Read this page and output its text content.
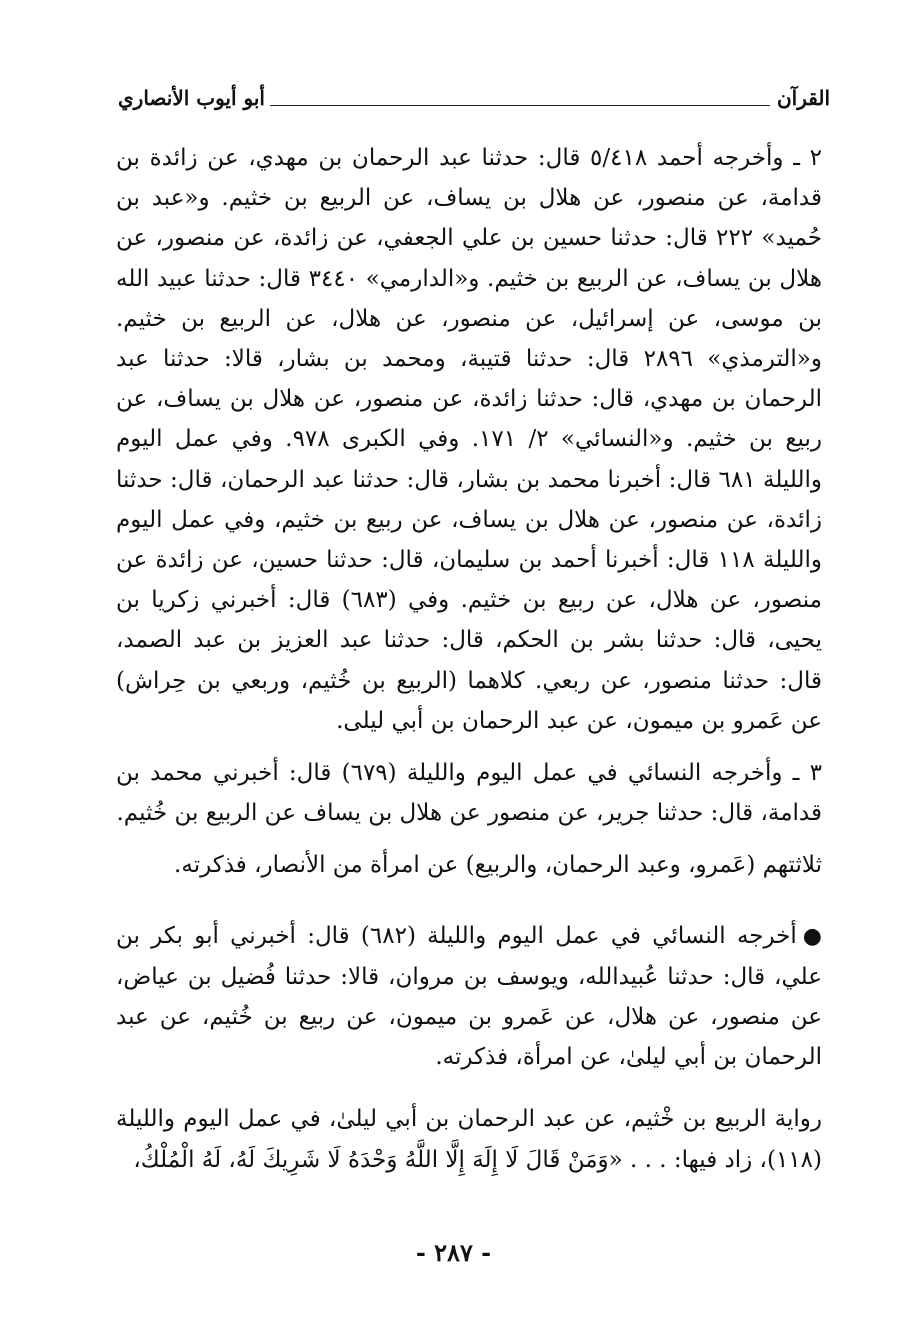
القرآن
أبو أيوب الأنصاري

٢ ـ وأخرجه أحمد ٥/٤١٨ قال: حدثنا عبد الرحمان بن مهدي، عن زائدة بن قدامة، عن منصور، عن هلال بن يساف، عن الربيع بن خثيم. و«عبد بن حُميد» ٢٢٢ قال: حدثنا حسين بن علي الجعفي، عن زائدة، عن منصور، عن هلال بن يساف، عن الربيع بن خثيم. و«الدارمي» ٣٤٤٠ قال: حدثنا عبيد الله بن موسى، عن إسرائيل، عن منصور، عن هلال، عن الربيع بن خثيم. و«الترمذي» ٢٨٩٦ قال: حدثنا قتيبة، ومحمد بن بشار، قالا: حدثنا عبد الرحمان بن مهدي، قال: حدثنا زائدة، عن منصور، عن هلال بن يساف، عن ربيع بن خثيم. و«النسائي» ٢/ ١٧١. وفي الكبرى ٩٧٨. وفي عمل اليوم والليلة ٦٨١ قال: أخبرنا محمد بن بشار، قال: حدثنا عبد الرحمان، قال: حدثنا زائدة، عن منصور، عن هلال بن يساف، عن ربيع بن خثيم، وفي عمل اليوم والليلة ١١٨ قال: أخبرنا أحمد بن سليمان، قال: حدثنا حسين، عن زائدة عن منصور، عن هلال، عن ربيع بن خثيم. وفي (٦٨٣) قال: أخبرني زكريا بن يحيى، قال: حدثنا بشر بن الحكم، قال: حدثنا عبد العزيز بن عبد الصمد، قال: حدثنا منصور، عن ربعي. كلاهما (الربيع بن خُثيم، وربعي بن حِراش) عن عَمرو بن ميمون، عن عبد الرحمان بن أبي ليلى.

٣ ـ وأخرجه النسائي في عمل اليوم والليلة (٦٧٩) قال: أخبرني محمد بن قدامة، قال: حدثنا جرير، عن منصور عن هلال بن يساف عن الربيع بن خُثيم.

ثلاثتهم (عَمرو، وعبد الرحمان، والربيع) عن امرأة من الأنصار، فذكرته.

●أخرجه النسائي في عمل اليوم والليلة (٦٨٢) قال: أخبرني أبو بكر بن علي، قال: حدثنا عُبيدالله، ويوسف بن مروان، قالا: حدثنا فُضيل بن عياض، عن منصور، عن هلال، عن عَمرو بن ميمون، عن ربيع بن خُثيم، عن عبد الرحمان بن أبي ليلىٰ، عن امرأة، فذكرته.

رواية الربيع بن خْثيم، عن عبد الرحمان بن أبي ليلىٰ، في عمل اليوم والليلة (١١٨)، زاد فيها: . . . «وَمَنْ قَالَ لَا إِلَهَ إِلَّا اللَّهُ وَحْدَهُ لَا شَرِيكَ لَهُ، لَهُ الْمُلْكُ،

- ٢٨٧ -
